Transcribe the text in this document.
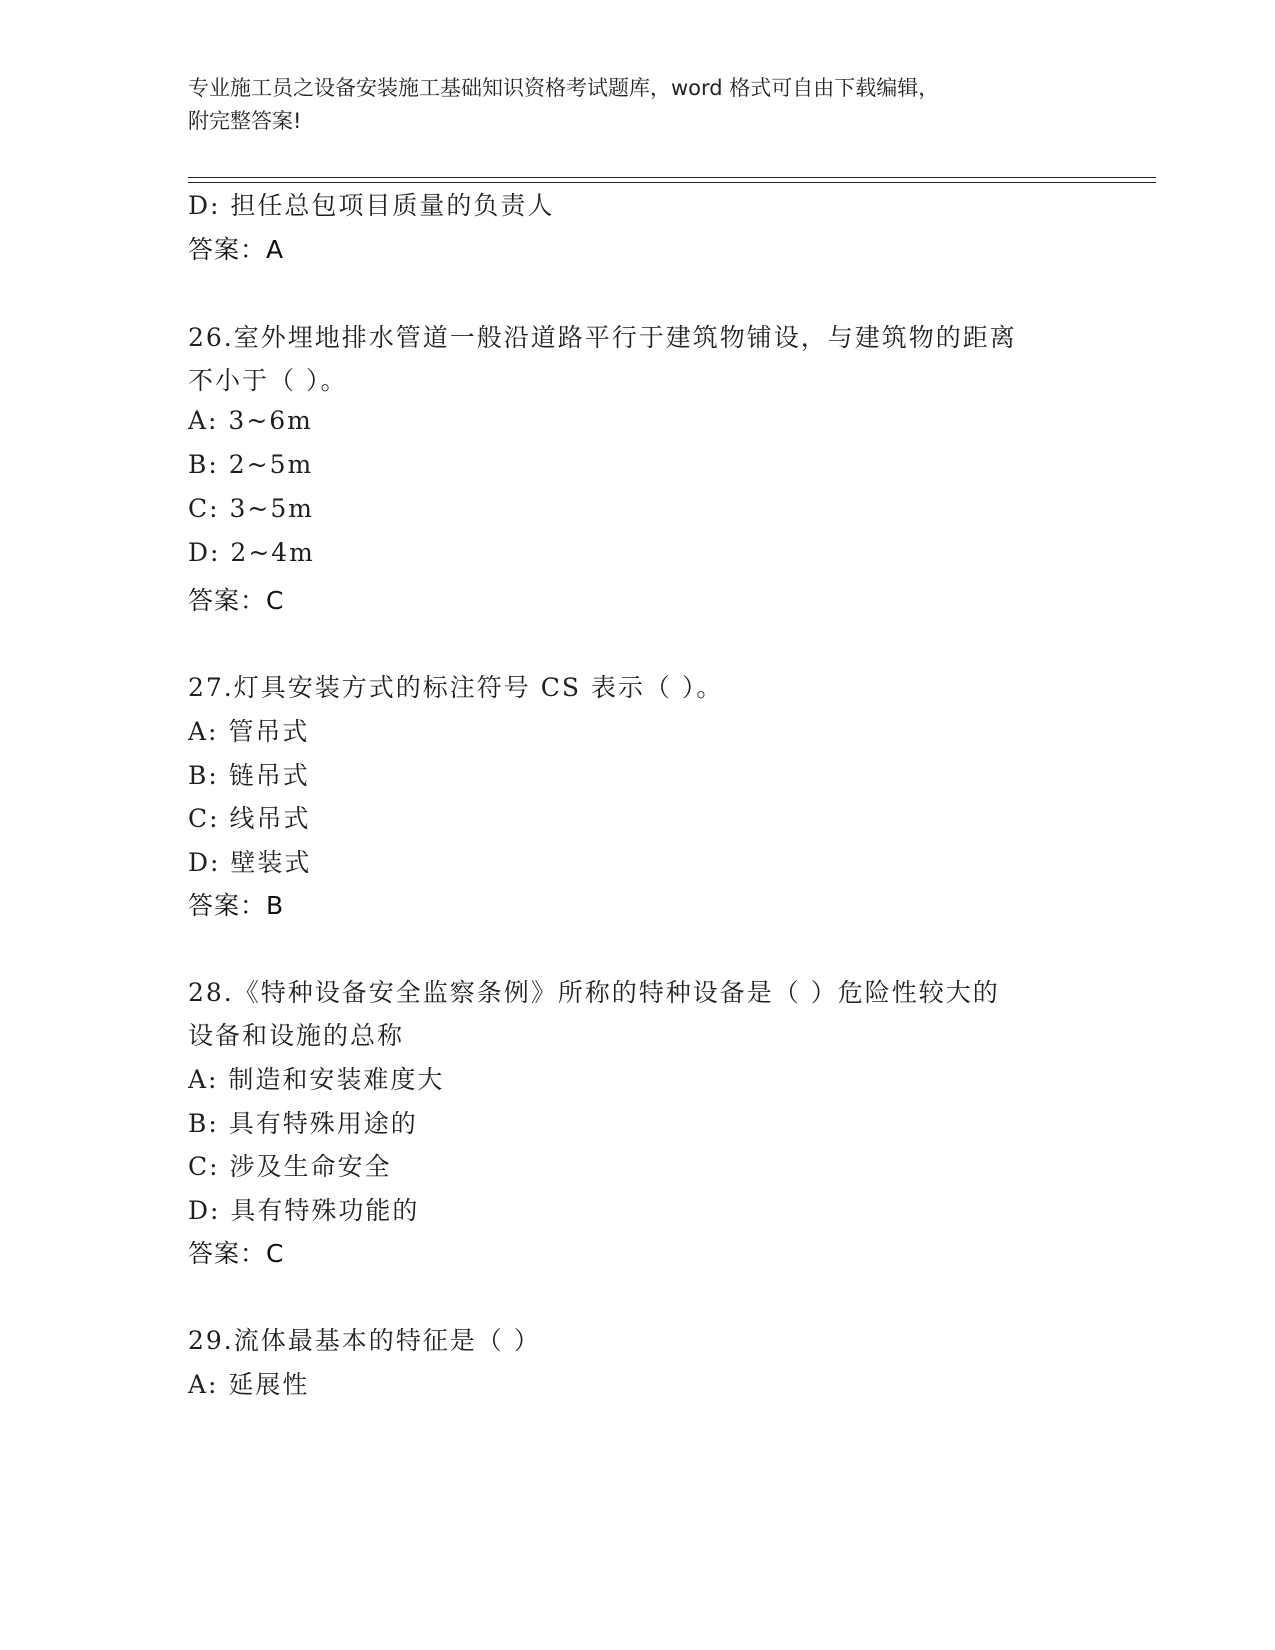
专业施工员之设备安装施工基础知识资格考试题库，word 格式可自由下载编辑，
附完整答案!
D: 担任总包项目质量的负责人
答案：A
26.室外埋地排水管道一般沿道路平行于建筑物铺设，与建筑物的距离
不小于（ ）。
A: 3~6m
B: 2~5m
C: 3~5m
D: 2~4m
答案：C
27.灯具安装方式的标注符号 CS 表示（ ）。
A: 管吊式
B: 链吊式
C: 线吊式
D: 壁装式
答案：B
28.《特种设备安全监察条例》所称的特种设备是（ ）危险性较大的
设备和设施的总称
A: 制造和安装难度大
B: 具有特殊用途的
C: 涉及生命安全
D: 具有特殊功能的
答案：C
29.流体最基本的特征是（ ）
A: 延展性
